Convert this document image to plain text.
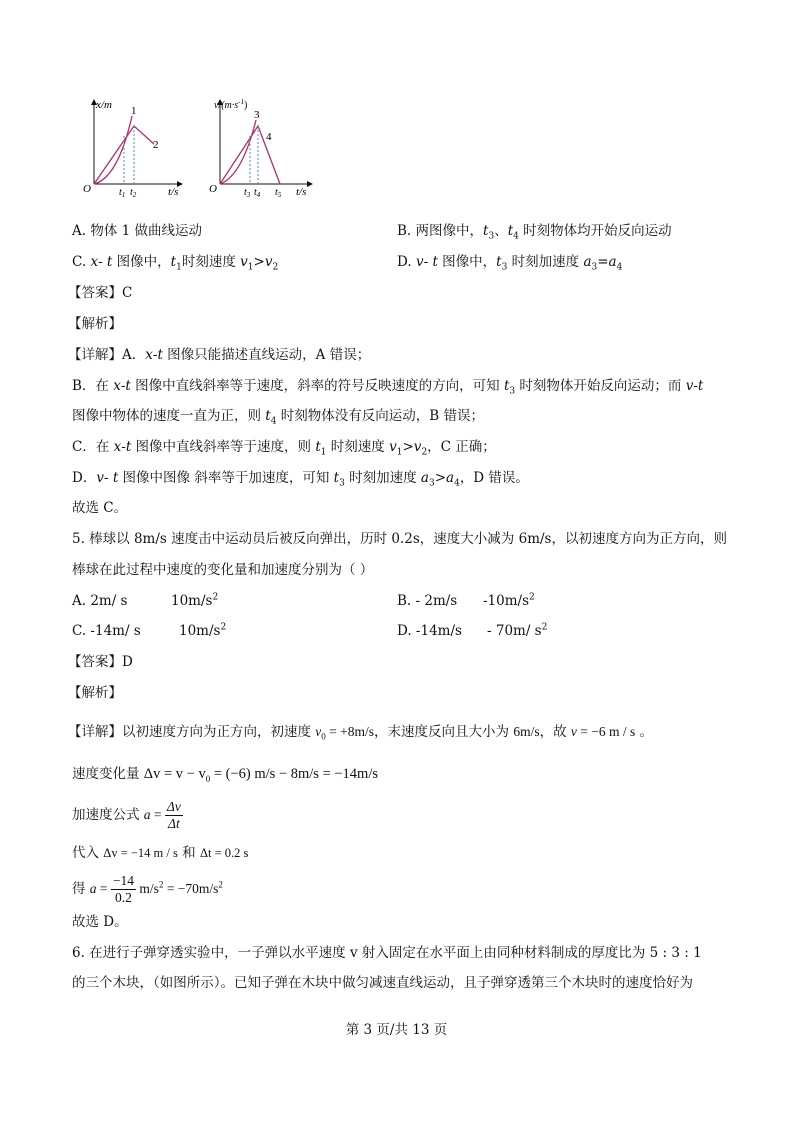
x/m 1
2
O	$t_1$ $t_2$	t/s
$v/(m\cdot s^{-1})$
3
4
O	$t_3$ $t_4$ $t_5$ t/s
A. 物体 1 做曲线运动	B. 两图像中，$t_3$、$t_4$ 时刻物体均开始反向运动
C. x- t 图像中，$t_1$时刻速度 $v_1>v_2$	D. v- t 图像中，$t_3$ 时刻加速度 $a_3=a_4$
【答案】C
【解析】
【详解】A．x-t 图像只能描述直线运动，A 错误；
B．在 x-t 图像中直线斜率等于速度，斜率的符号反映速度的方向，可知 $t_3$ 时刻物体开始反向运动；而 v-t
图像中物体的速度一直为正，则 $t_4$ 时刻物体没有反向运动，B 错误；
C．在 x-t 图像中直线斜率等于速度，则 $t_1$ 时刻速度 $v_1>v_2$，C 正确；
D．v- t 图像中图像 斜率等于加速度，可知 $t_3$ 时刻加速度 $a_3>a_4$，D 错误。
故选 C。
5. 棒球以 8m/s 速度击中运动员后被反向弹出，历时 0.2s，速度大小减为 6m/s，以初速度方向为正方向，则
棒球在此过程中速度的变化量和加速度分别为（ ）
A. 2m/ s	$10m/s^2$	B. - 2m/s $-10m/s^2$
C. -14m/ s	$10m/s^2$	D. -14m/s - 70m/ $s^2$
【答案】D
【解析】
【详解】以初速度方向为正方向，初速度 $v_0 = +8m/s$，末速度反向且大小为 6m/s，故 v = −6 m / s 。
速度变化量 $\Delta v = v - v_0 = (-6) m/s - 8m/s = -14m/s$
加速度公式 $a = \frac{\Delta v}{\Delta t}$
代入 Δv = −14 m / s 和 Δt = 0.2 s
得 $a = \frac{-14}{0.2} m/s^2 = -70m/s^2$
故选 D。
6. 在进行子弹穿透实验中，一子弹以水平速度 v 射入固定在水平面上由同种材料制成的厚度比为 5 : 3 : 1
的三个木块，（如图所示）。已知子弹在木块中做匀减速直线运动，且子弹穿透第三个木块时的速度恰好为
第 3 页/共 13 页
